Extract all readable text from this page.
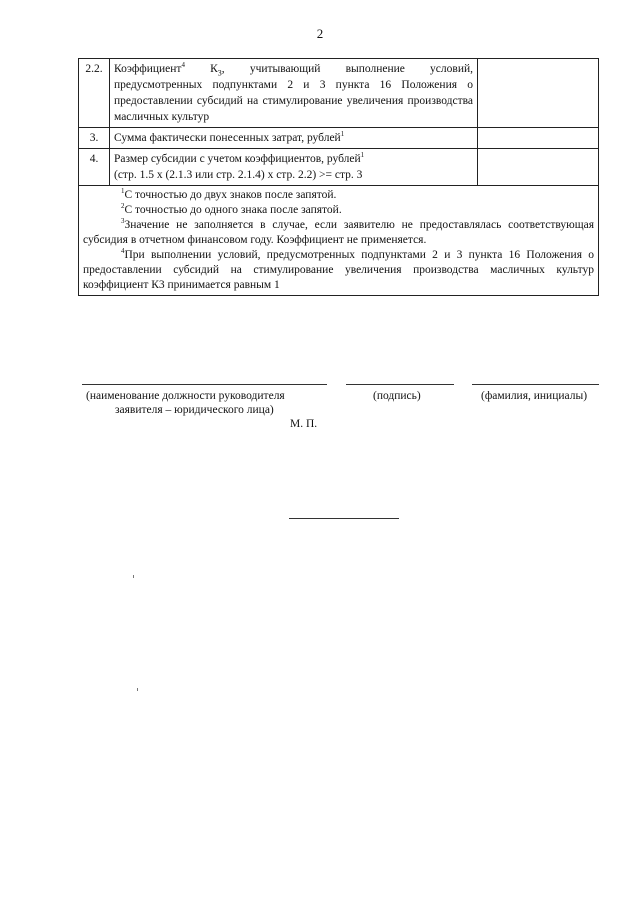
2
2.2.	Коэффициент$^4$ $К_3$, учитывающий выполнение условий, предусмотренных подпунктами 2 и 3 пункта 16 Положения о предоставлении субсидий на стимулирование увеличения производства масличных культур	
3.	Сумма фактически понесенных затрат, рублей$^1$	
4.	Размер субсидии с учетом коэффициентов, рублей$^1$
(стр. 1.5 х (2.1.3 или стр. 2.1.4) х стр. 2.2) >= стр. 3	

$^1$С точностью до двух знаков после запятой.
$^2$С точностью до одного знака после запятой.
$^3$Значение не заполняется в случае, если заявителю не предоставлялась соответствующая субсидия в отчетном финансовом году. Коэффициент не применяется.
$^4$При выполнении условий, предусмотренных подпунктами 2 и 3 пункта 16 Положения о предоставлении субсидий на стимулирование увеличения производства масличных культур коэффициент К3 принимается равным 1		
(наименование должности руководителя
заявителя – юридического лица)
(подпись)	(фамилия, инициалы)
М. П.
